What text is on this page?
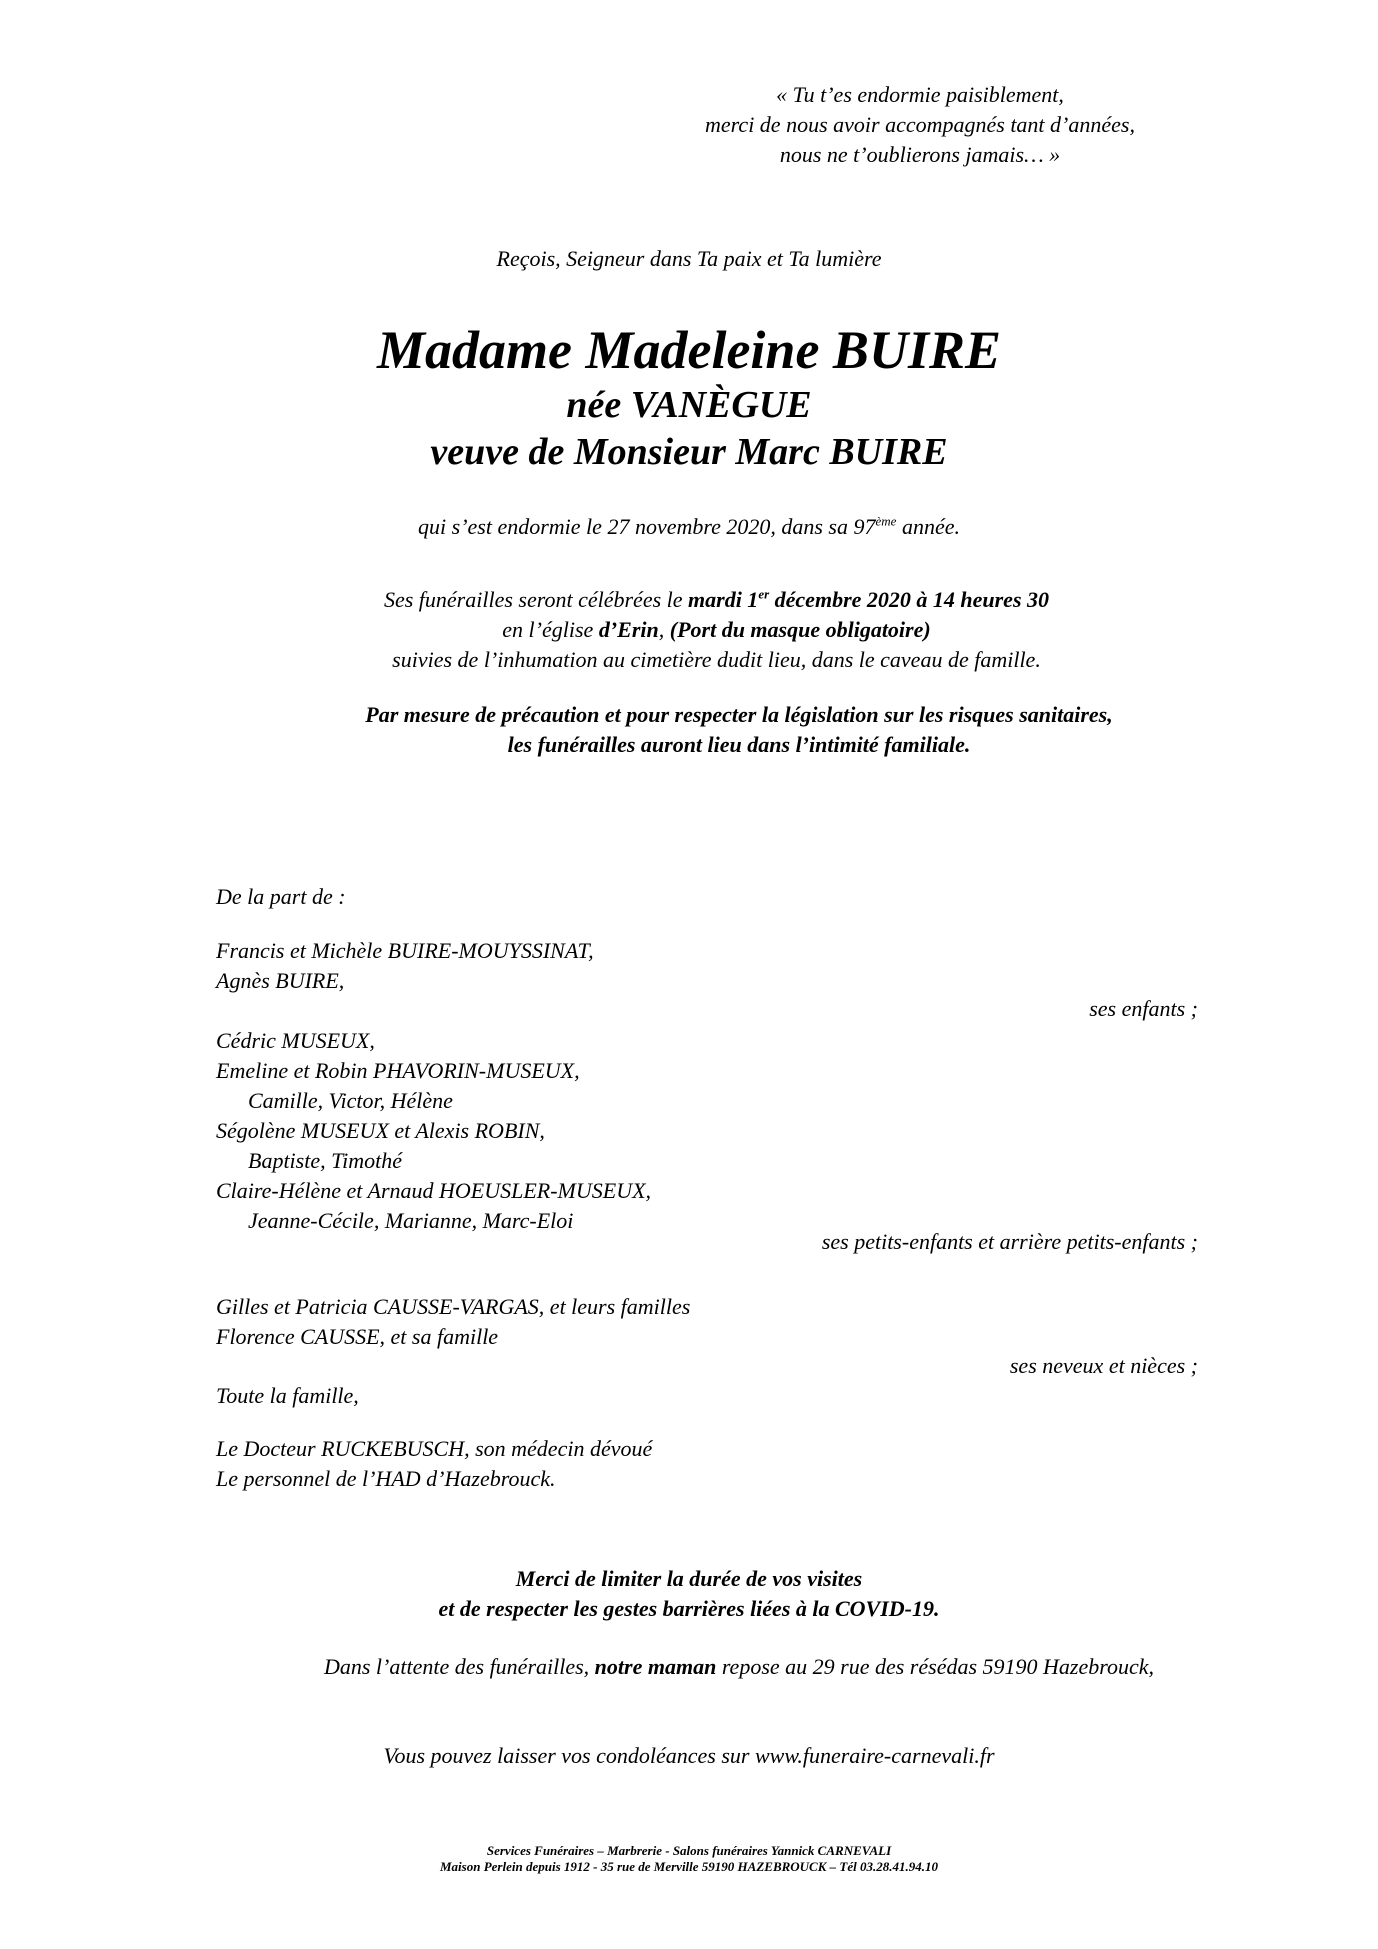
« Tu t’es endormie paisiblement,
merci de nous avoir accompagnés tant d’années,
nous ne t’oublierons jamais… »
Reçois, Seigneur dans Ta paix et Ta lumière
Madame Madeleine BUIRE
née VANÈGUE
veuve de Monsieur Marc BUIRE
qui s’est endormie le 27 novembre 2020, dans sa 97ème année.
Ses funérailles seront célébrées le mardi 1er décembre 2020 à 14 heures 30
en l’église d’Erin, (Port du masque obligatoire)
suivies de l’inhumation au cimetière dudit lieu, dans le caveau de famille.
Par mesure de précaution et pour respecter la législation sur les risques sanitaires,
les funérailles auront lieu dans l’intimité familiale.
De la part de :
Francis et Michèle BUIRE-MOUYSSINAT,
Agnès BUIRE,
ses enfants ;
Cédric MUSEUX,
Emeline et Robin PHAVORIN-MUSEUX,
Camille, Victor, Hélène
Ségolène MUSEUX et Alexis ROBIN,
Baptiste, Timothé
Claire-Hélène et Arnaud HOEUSLER-MUSEUX,
Jeanne-Cécile, Marianne, Marc-Eloi
ses petits-enfants et arrière petits-enfants ;
Gilles et Patricia CAUSSE-VARGAS, et leurs familles
Florence CAUSSE, et sa famille
ses neveux et nièces ;
Toute la famille,
Le Docteur RUCKEBUSCH, son médecin dévoué
Le personnel de l’HAD d’Hazebrouck.
Merci de limiter la durée de vos visites
et de respecter les gestes barrières liées à la COVID-19.
Dans l’attente des funérailles, notre maman repose au 29 rue des résédas 59190 Hazebrouck,
Vous pouvez laisser vos condoléances sur www.funeraire-carnevali.fr
Services Funéraires – Marbrerie - Salons funéraires Yannick CARNEVALI
Maison Perlein depuis 1912 - 35 rue de Merville 59190 HAZEBROUCK – Tél 03.28.41.94.10
